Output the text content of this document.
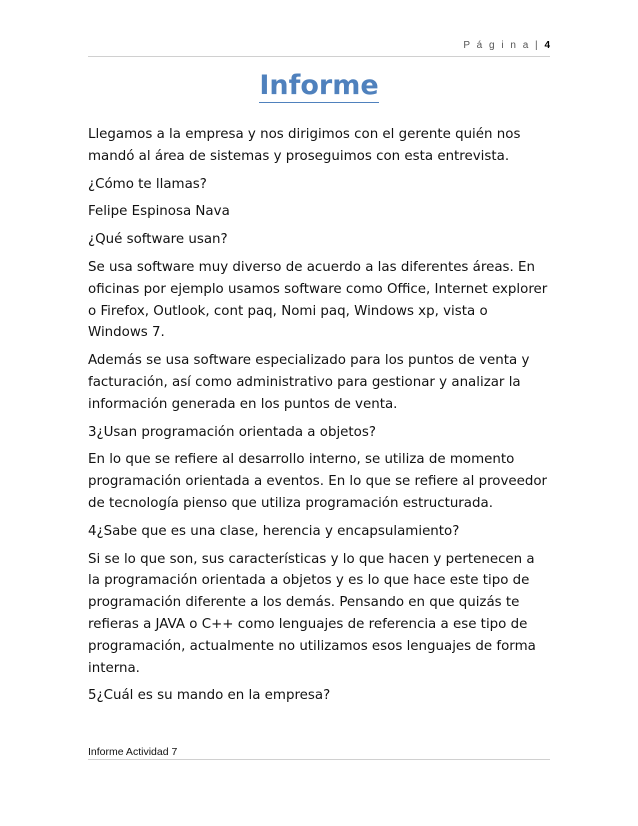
P á g i n a | 4
Informe

Llegamos a la empresa y nos dirigimos con el gerente quién nos mandó al área de sistemas y proseguimos con esta entrevista.

¿Cómo te llamas?

Felipe Espinosa Nava

¿Qué software usan?

Se usa software muy diverso de acuerdo a las diferentes áreas. En oficinas por ejemplo usamos software como Office, Internet explorer o Firefox, Outlook, cont paq, Nomi paq, Windows xp, vista o Windows 7.

Además se usa software especializado para los puntos de venta y facturación, así como administrativo para gestionar y analizar la información generada en los puntos de venta.

3¿Usan programación orientada a objetos?

En lo que se refiere al desarrollo interno, se utiliza de momento programación orientada a eventos. En lo que se refiere al proveedor de tecnología pienso que utiliza programación estructurada.

4¿Sabe que es una clase, herencia y encapsulamiento?

Si se lo que son, sus características y lo que hacen y pertenecen a la programación orientada a objetos y es lo que hace este tipo de programación diferente a los demás. Pensando en que quizás te refieras a JAVA o C++ como lenguajes de referencia a ese tipo de programación, actualmente no utilizamos esos lenguajes de forma interna.

5¿Cuál es su mando en la empresa?

Informe Actividad 7
